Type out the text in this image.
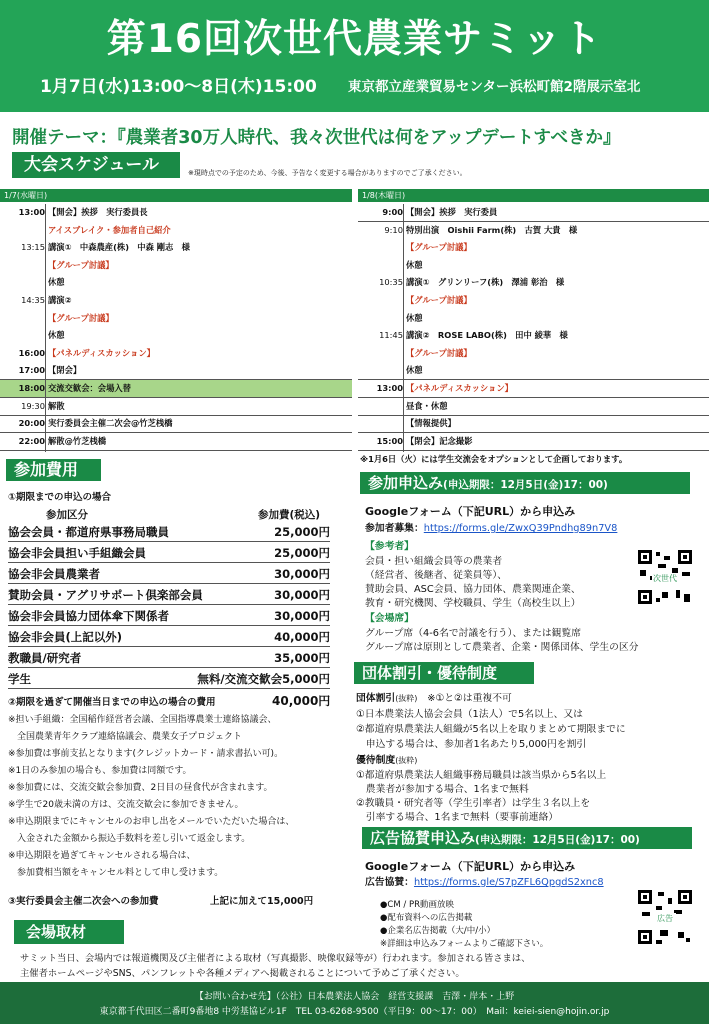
第16回次世代農業サミット
1月7日(水)13:00～8日(木)15:00 東京都立産業貿易センター浜松町館2階展示室北
開催テーマ：『農業者30万人時代、我々次世代は何をアップデートすべきか』
大会スケジュール	※現時点での予定のため、今後、予告なく変更する場合がありますのでご了承ください。
1/7(水曜日)	1/8(木曜日)
13:00 【開会】挨拶　実行委員長
アイスブレイク・参加者自己紹介
13:15 講演①　中森農産(株)　中森 剛志　様
【グループ討議】
休憩
14:35 講演②
【グループ討議】
休憩
16:00 【パネルディスカッション】
17:00 【閉会】
18:00 交流交歓会：会場入替
19:30 解散
20:00 実行委員会主催二次会@竹芝桟橋
22:00 解散@竹芝桟橋
9:00 【開会】挨拶　実行委員
9:10 特別出演　Oishii Farm(株)　古賀 大貴　様
【グループ討議】
休憩
10:35 講演①　グリンリーフ(株)　澤浦 彰治　様
【グループ討議】
休憩
11:45 講演②　ROSE LABO(株)　田中 綾華　様
【グループ討議】
休憩
13:00 【パネルディスカッション】
昼食・休憩
【情報提供】
15:00 【閉会】記念撮影
※1月6日（火）には学生交流会をオプションとして企画しております。
参加費用
①期限までの申込の場合
参加区分	参加費(税込)
協会会員・都道府県事務局職員	25,000円
協会非会員担い手組織会員	25,000円
協会非会員農業者	30,000円
賛助会員・アグリサポート倶楽部会員	30,000円
協会非会員協力団体傘下関係者	30,000円
協会非会員(上記以外)	40,000円
教職員/研究者	35,000円
学生	無料/交流交歓会5,000円
②期限を過ぎて開催当日までの申込の場合の費用	40,000円
※担い手組織：全国稲作経営者会議、全国指導農業士連絡協議会、
　全国農業青年クラブ連絡協議会、農業女子プロジェクト
※参加費は事前支払となります(クレジットカード・請求書払い可)。
※1日のみ参加の場合も、参加費は同額です。
※参加費には、交流交歓会参加費、2日目の昼食代が含まれます。
※学生で20歳未満の方は、交流交歓会に参加できません。
※申込期限までにキャンセルのお申し出をメールでいただいた場合は、
　入金された金額から振込手数料を差し引いて返金します。
※申込期限を過ぎてキャンセルされる場合は、
　参加費相当額をキャンセル料として申し受けます。
③実行委員会主催二次会への参加費	上記に加えて15,000円
参加申込み(申込期限：12月5日(金)17：00)
Googleフォーム（下記URL）から申込み
参加者募集：https://forms.gle/ZwxQ39Pndhg89n7V8
【参考者】
会員・担い組織会員等の農業者
（経営者、後継者、従業員等）、
賛助会員、ASC会員、協力団体、農業関連企業、
教育・研究機関、学校職員、学生（高校生以上）
【会場席】
グループ席（4-6名で討議を行う）、または観覧席
グループ席は原則として農業者、企業・関係団体、学生の区分
次世代
団体割引・優待制度
団体割引(抜粋)　 ※①と②は重複不可
①日本農業法人協会会員（1法人）で5名以上、又は
②都道府県農業法人組織が5名以上を取りまとめて期限までに
　申込する場合は、参加者1名あたり5,000円を割引
優待制度(抜粋)
①都道府県農業法人組織事務局職員は該当県から5名以上
　農業者が参加する場合、1名まで無料
②教職員・研究者等（学生引率者）は学生３名以上を
　引率する場合、1名まで無料（要事前連絡）
広告協賛申込み(申込期限：12月5日(金)17：00)
Googleフォーム（下記URL）から申込み
広告協賛：https://forms.gle/S7pZFL6QpgdS2xnc8
●CM / PR動画放映
●配布資料への広告掲載
●企業名広告掲載（大/中/小）
※詳細は申込みフォームよりご確認下さい。
広告
会場取材
サミット当日、会場内では報道機関及び主催者による取材（写真撮影、映像収録等が）行われます。参加される皆さまは、
主催者ホームページやSNS、パンフレットや各種メディアへ掲載されることについて予めご了承ください。
【お問い合わせ先】（公社）日本農業法人協会　経営支援課　吉澤・岸本・上野
東京都千代田区二番町9番地8 中労基協ビル1F　TEL 03-6268-9500（平日9：00～17：00）　Mail：keiei-sien@hojin.or.jp
